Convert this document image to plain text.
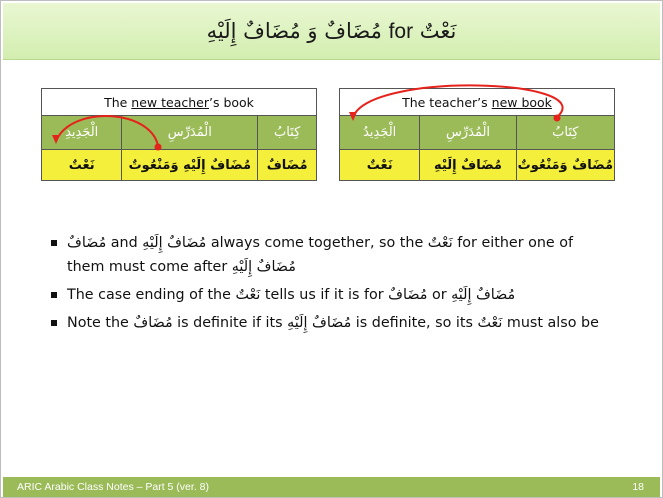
نَعْتٌ for مُضَافٌ وَ مُضَافٌ إِلَيْهِ
The new teacher’s book		
الْجَدِيدِ	الْمُدَرِّسِ	كِتَابُ
نَعْتٌ	مُضَافٌ إِلَيْهِ وَمَنْعُوتٌ	مُضَافٌ
The teacher’s new book		
الْجَدِيدُ	الْمُدَرِّسِ	كِتَابُ
نَعْتٌ	مُضَافٌ إِلَيْهِ	مُضَافٌ وَمَنْعُوتٌ
مُضَافٌ and مُضَافٌ إِلَيْهِ always come together, so the نَعْتٌ for either one of them must come after مُضَافٌ إِلَيْهِ
The case ending of the نَعْتٌ tells us if it is for مُضَافٌ or مُضَافٌ إِلَيْهِ
Note the مُضَافٌ is definite if its مُضَافٌ إِلَيْهِ is definite, so its نَعْتٌ must also be
ARIC Arabic Class Notes – Part 5 (ver. 8)	18
